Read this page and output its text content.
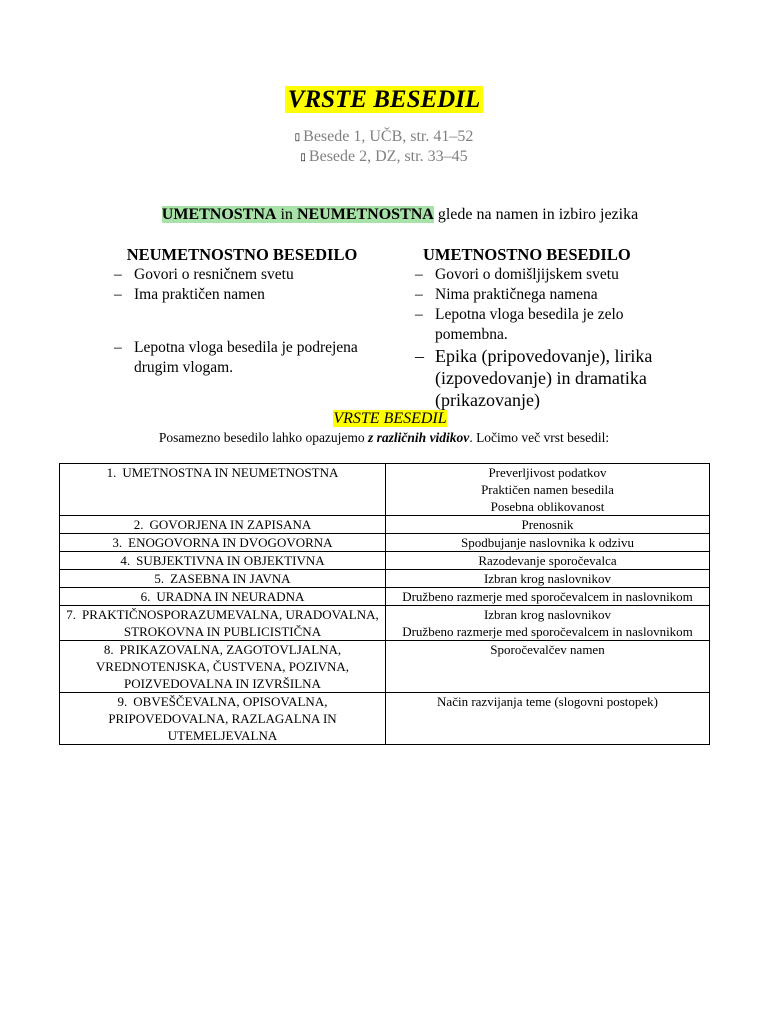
VRSTE BESEDIL
▯ Besede 1, UČB, str. 41–52
▯ Besede 2, DZ, str. 33–45
UMETNOSTNA in NEUMETNOSTNA glede na namen in izbiro jezika
NEUMETNOSTNO BESEDILO
– Govori o resničnem svetu
– Ima praktičen namen
– Lepotna vloga besedila je podrejena drugim vlogam.
UMETNOSTNO BESEDILO
– Govori o domišljijskem svetu
– Nima praktičnega namena
– Lepotna vloga besedila je zelo pomembna.
– Epika (pripovedovanje), lirika (izpovedovanje) in dramatika (prikazovanje)
VRSTE BESEDIL
Posamezno besedilo lahko opazujemo z različnih vidikov. Ločimo več vrst besedil:
1. UMETNOSTNA IN NEUMETNOSTNA	Preverljivost podatkov
Praktičen namen besedila
Posebna oblikovanost

2. GOVORJENA IN ZAPISANA	Prenosnik

3. ENOGOVORNA IN DVOGOVORNA	Spodbujanje naslovnika k odzivu

4. SUBJEKTIVNA IN OBJEKTIVNA	Razodevanje sporočevalca

5. ZASEBNA IN JAVNA	Izbran krog naslovnikov

6. URADNA IN NEURADNA	Družbeno razmerje med sporočevalcem in naslovnikom

7. PRAKTIČNOSPORAZUMEVALNA, URADOVALNA, STROKOVNA IN PUBLICISTIČNA	Izbran krog naslovnikov
Družbeno razmerje med sporočevalcem in naslovnikom

8. PRIKAZOVALNA, ZAGOTOVLJALNA, VREDNOTENJSKA, ČUSTVENA, POZIVNA, POIZVEDOVALNA IN IZVRŠILNA	Sporočevalčev namen

9. OBVEŠČEVALNA, OPISOVALNA, PRIPOVEDOVALNA, RAZLAGALNA IN UTEMELJEVALNA	Način razvijanja teme (slogovni postopek)
